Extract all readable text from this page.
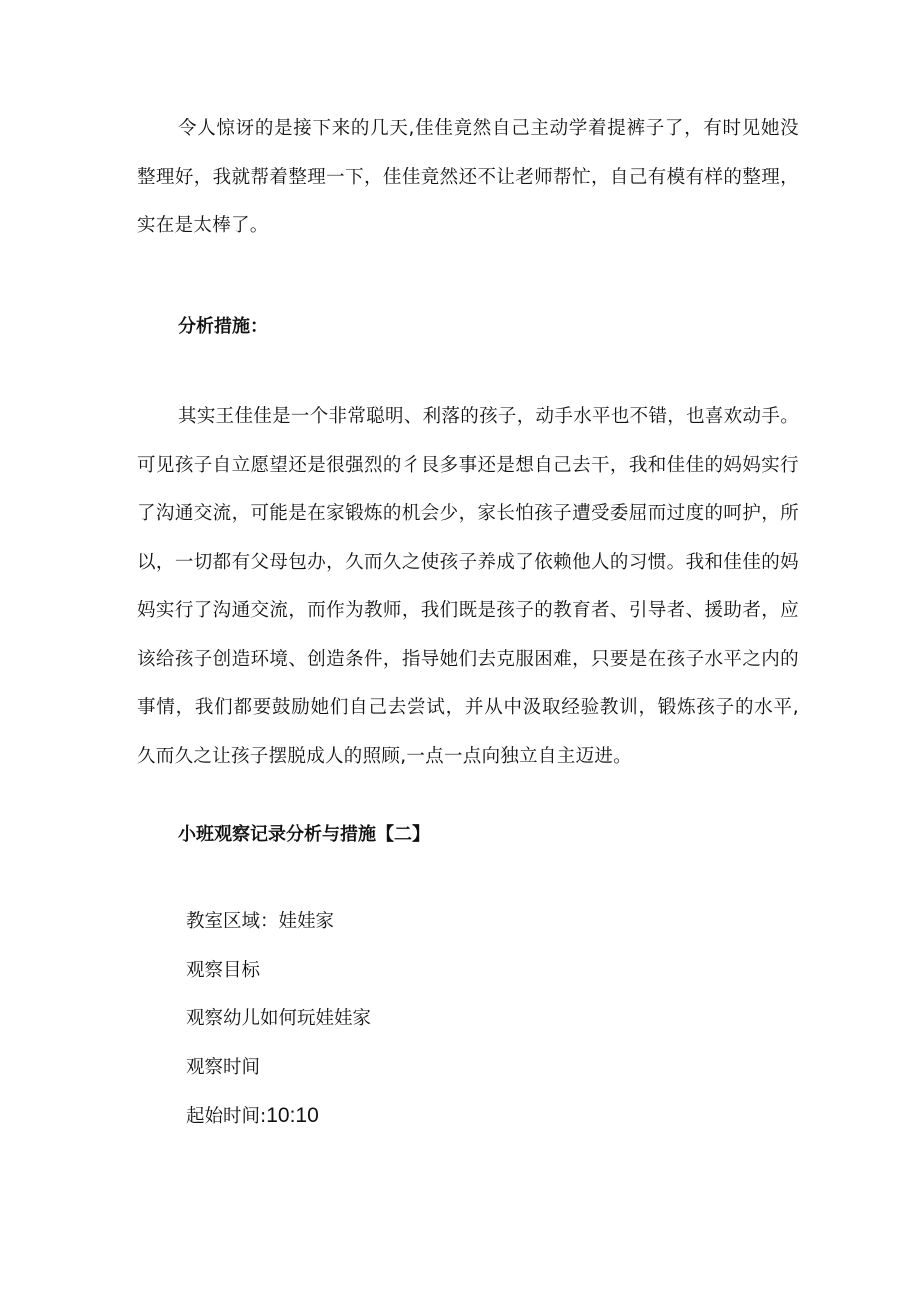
令人惊讶的是接下来的几天,佳佳竟然自己主动学着提裤子了，有时见她没整理好，我就帮着整理一下，佳佳竟然还不让老师帮忙，自己有模有样的整理，实在是太棒了。

分析措施：

其实王佳佳是一个非常聪明、利落的孩子，动手水平也不错，也喜欢动手。可见孩子自立愿望还是很强烈的彳艮多事还是想自己去干，我和佳佳的妈妈实行了沟通交流，可能是在家锻炼的机会少，家长怕孩子遭受委屈而过度的呵护，所以，一切都有父母包办，久而久之使孩子养成了依赖他人的习惯。我和佳佳的妈妈实行了沟通交流，而作为教师，我们既是孩子的教育者、引导者、援助者，应该给孩子创造环境、创造条件，指导她们去克服困难，只要是在孩子水平之内的事情，我们都要鼓励她们自己去尝试，并从中汲取经验教训，锻炼孩子的水平,久而久之让孩子摆脱成人的照顾,一点一点向独立自主迈进。

小班观察记录分析与措施【二】

教室区域：娃娃家
观察目标
观察幼儿如何玩娃娃家
观察时间
起始时间:10:10
